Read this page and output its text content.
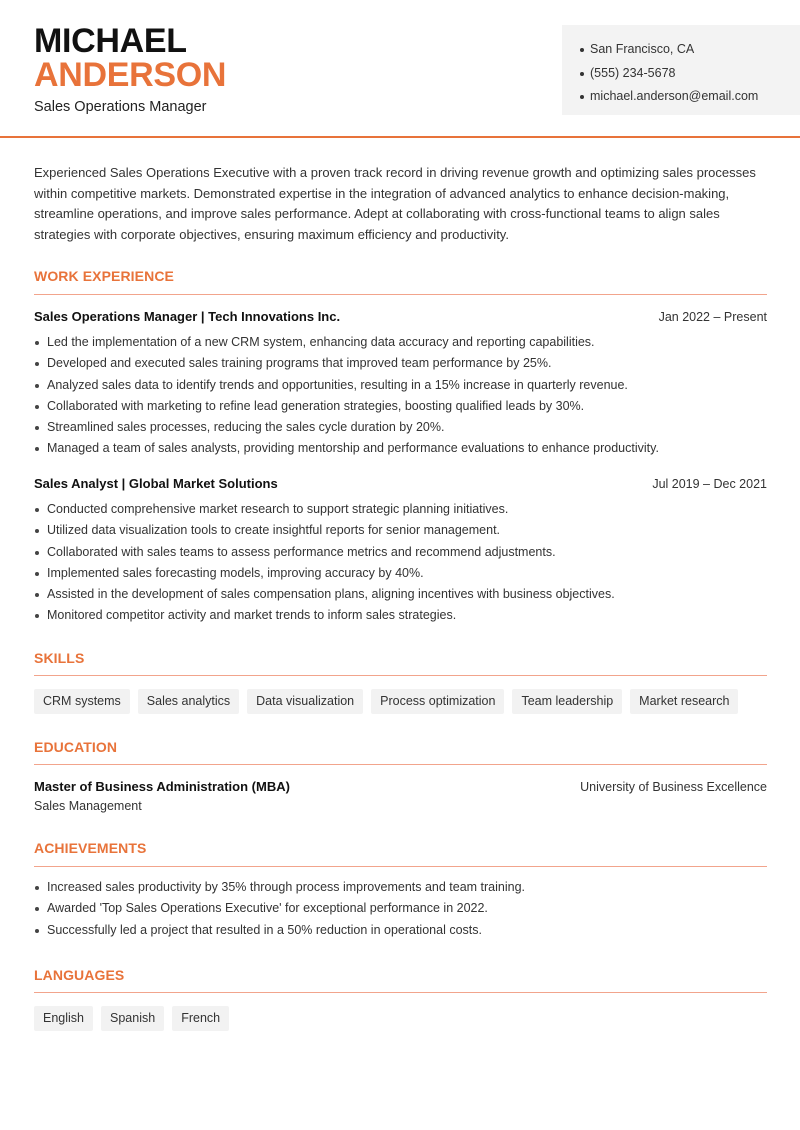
MICHAEL
ANDERSON
Sales Operations Manager
San Francisco, CA
(555) 234-5678
michael.anderson@email.com

Experienced Sales Operations Executive with a proven track record in driving revenue growth and optimizing sales processes within competitive markets. Demonstrated expertise in the integration of advanced analytics to enhance decision-making, streamline operations, and improve sales performance. Adept at collaborating with cross-functional teams to align sales strategies with corporate objectives, ensuring maximum efficiency and productivity.

WORK EXPERIENCE
Sales Operations Manager | Tech Innovations Inc.	Jan 2022 – Present
Led the implementation of a new CRM system, enhancing data accuracy and reporting capabilities.
Developed and executed sales training programs that improved team performance by 25%.
Analyzed sales data to identify trends and opportunities, resulting in a 15% increase in quarterly revenue.
Collaborated with marketing to refine lead generation strategies, boosting qualified leads by 30%.
Streamlined sales processes, reducing the sales cycle duration by 20%.
Managed a team of sales analysts, providing mentorship and performance evaluations to enhance productivity.
Sales Analyst | Global Market Solutions	Jul 2019 – Dec 2021
Conducted comprehensive market research to support strategic planning initiatives.
Utilized data visualization tools to create insightful reports for senior management.
Collaborated with sales teams to assess performance metrics and recommend adjustments.
Implemented sales forecasting models, improving accuracy by 40%.
Assisted in the development of sales compensation plans, aligning incentives with business objectives.
Monitored competitor activity and market trends to inform sales strategies.
SKILLS
CRM systems	Sales analytics	Data visualization	Process optimization	Team leadership	Market research
EDUCATION
Master of Business Administration (MBA)	University of Business Excellence
Sales Management
ACHIEVEMENTS
Increased sales productivity by 35% through process improvements and team training.
Awarded 'Top Sales Operations Executive' for exceptional performance in 2022.
Successfully led a project that resulted in a 50% reduction in operational costs.
LANGUAGES
English	Spanish	French
